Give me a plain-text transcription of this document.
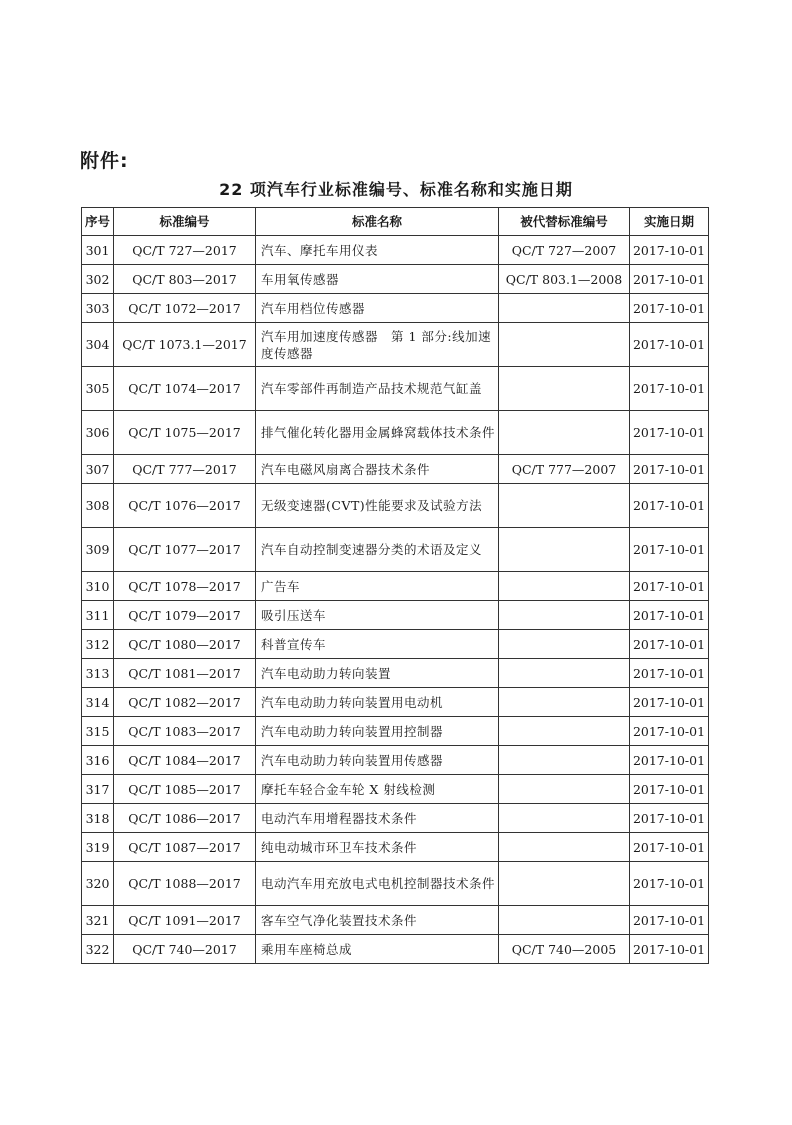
附件:
22 项汽车行业标准编号、标准名称和实施日期
序号	标准编号	标准名称	被代替标准编号	实施日期
301	QC/T 727—2017	汽车、摩托车用仪表	QC/T 727—2007	2017-10-01
302	QC/T 803—2017	车用氧传感器	QC/T 803.1—2008	2017-10-01
303	QC/T 1072—2017	汽车用档位传感器		2017-10-01
304	QC/T 1073.1—2017	汽车用加速度传感器　第 1 部分:线加速度传感器		2017-10-01
305	QC/T 1074—2017	汽车零部件再制造产品技术规范气缸盖		2017-10-01
306	QC/T 1075—2017	排气催化转化器用金属蜂窝载体技术条件		2017-10-01
307	QC/T 777—2017	汽车电磁风扇离合器技术条件	QC/T 777—2007	2017-10-01
308	QC/T 1076—2017	无级变速器(CVT)性能要求及试验方法		2017-10-01
309	QC/T 1077—2017	汽车自动控制变速器分类的术语及定义		2017-10-01
310	QC/T 1078—2017	广告车		2017-10-01
311	QC/T 1079—2017	吸引压送车		2017-10-01
312	QC/T 1080—2017	科普宣传车		2017-10-01
313	QC/T 1081—2017	汽车电动助力转向装置		2017-10-01
314	QC/T 1082—2017	汽车电动助力转向装置用电动机		2017-10-01
315	QC/T 1083—2017	汽车电动助力转向装置用控制器		2017-10-01
316	QC/T 1084—2017	汽车电动助力转向装置用传感器		2017-10-01
317	QC/T 1085—2017	摩托车轻合金车轮 X 射线检测		2017-10-01
318	QC/T 1086—2017	电动汽车用增程器技术条件		2017-10-01
319	QC/T 1087—2017	纯电动城市环卫车技术条件		2017-10-01
320	QC/T 1088—2017	电动汽车用充放电式电机控制器技术条件		2017-10-01
321	QC/T 1091—2017	客车空气净化装置技术条件		2017-10-01
322	QC/T 740—2017	乘用车座椅总成	QC/T 740—2005	2017-10-01
